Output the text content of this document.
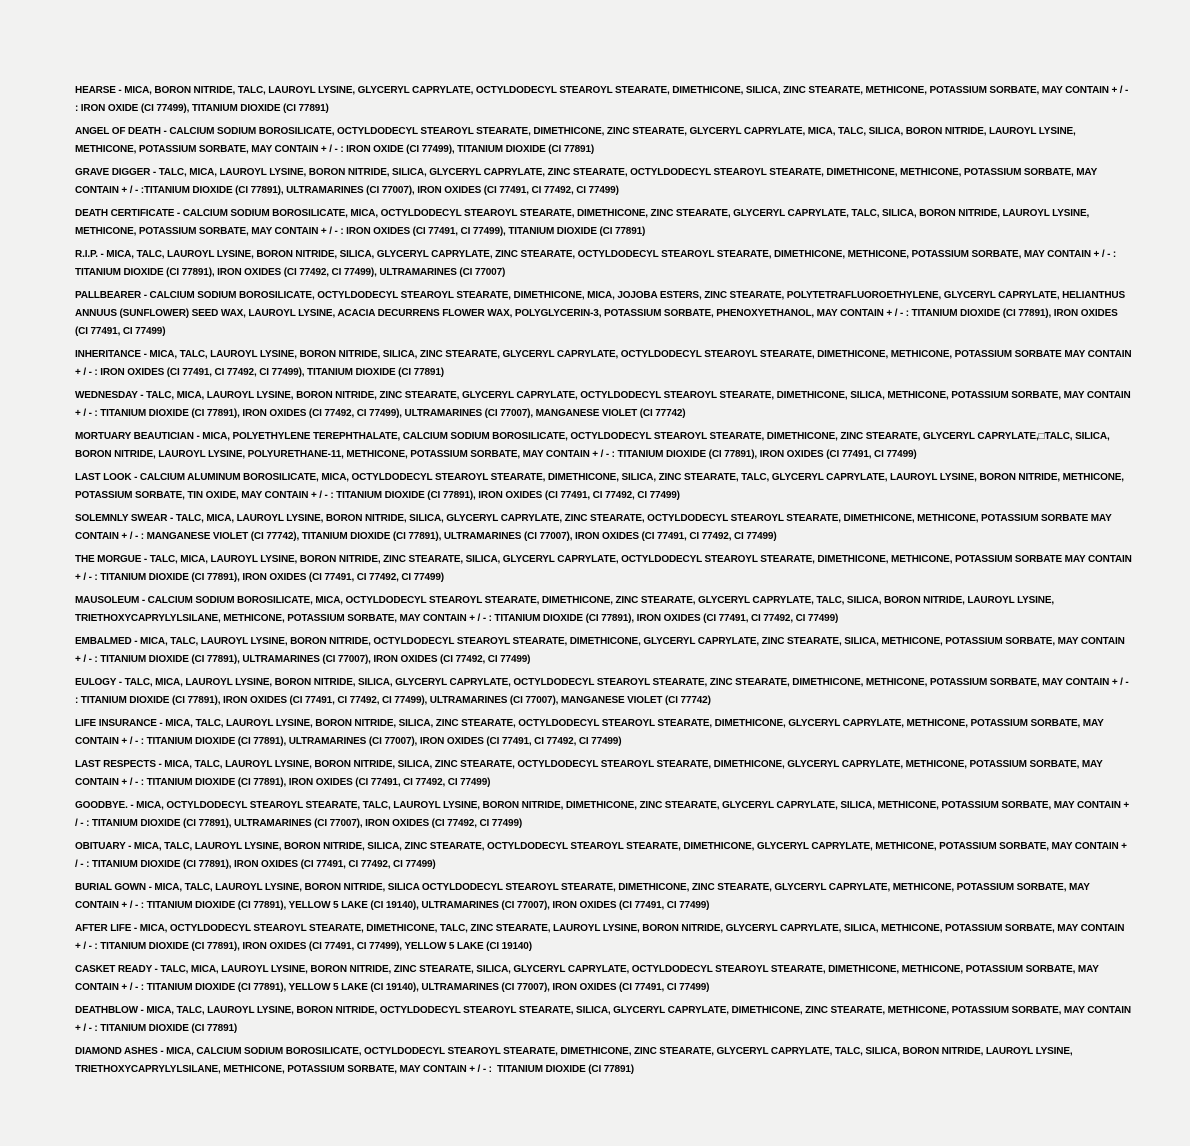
HEARSE - MICA, BORON NITRIDE, TALC, LAUROYL LYSINE, GLYCERYL CAPRYLATE, OCTYLDODECYL STEAROYL STEARATE, DIMETHICONE, SILICA, ZINC STEARATE, METHICONE, POTASSIUM SORBATE, MAY CONTAIN + / - : IRON OXIDE (CI 77499), TITANIUM DIOXIDE (CI 77891)

ANGEL OF DEATH - CALCIUM SODIUM BOROSILICATE, OCTYLDODECYL STEAROYL STEARATE, DIMETHICONE, ZINC STEARATE, GLYCERYL CAPRYLATE, MICA, TALC, SILICA, BORON NITRIDE, LAUROYL LYSINE, METHICONE, POTASSIUM SORBATE, MAY CONTAIN + / - : IRON OXIDE (CI 77499), TITANIUM DIOXIDE (CI 77891)

GRAVE DIGGER - TALC, MICA, LAUROYL LYSINE, BORON NITRIDE, SILICA, GLYCERYL CAPRYLATE, ZINC STEARATE, OCTYLDODECYL STEAROYL STEARATE, DIMETHICONE, METHICONE, POTASSIUM SORBATE, MAY CONTAIN + / - :TITANIUM DIOXIDE (CI 77891), ULTRAMARINES (CI 77007), IRON OXIDES (CI 77491, CI 77492, CI 77499)

DEATH CERTIFICATE - CALCIUM SODIUM BOROSILICATE, MICA, OCTYLDODECYL STEAROYL STEARATE, DIMETHICONE, ZINC STEARATE, GLYCERYL CAPRYLATE, TALC, SILICA, BORON NITRIDE, LAUROYL LYSINE, METHICONE, POTASSIUM SORBATE, MAY CONTAIN + / - : IRON OXIDES (CI 77491, CI 77499), TITANIUM DIOXIDE (CI 77891)

R.I.P. - MICA, TALC, LAUROYL LYSINE, BORON NITRIDE, SILICA, GLYCERYL CAPRYLATE, ZINC STEARATE, OCTYLDODECYL STEAROYL STEARATE, DIMETHICONE, METHICONE, POTASSIUM SORBATE, MAY CONTAIN + / - : TITANIUM DIOXIDE (CI 77891), IRON OXIDES (CI 77492, CI 77499), ULTRAMARINES (CI 77007)

PALLBEARER - CALCIUM SODIUM BOROSILICATE, OCTYLDODECYL STEAROYL STEARATE, DIMETHICONE, MICA, JOJOBA ESTERS, ZINC STEARATE, POLYTETRAFLUOROETHYLENE, GLYCERYL CAPRYLATE, HELIANTHUS ANNUUS (SUNFLOWER) SEED WAX, LAUROYL LYSINE, ACACIA DECURRENS FLOWER WAX, POLYGLYCERIN-3, POTASSIUM SORBATE, PHENOXYETHANOL, MAY CONTAIN + / - : TITANIUM DIOXIDE (CI 77891), IRON OXIDES (CI 77491, CI 77499)

INHERITANCE - MICA, TALC, LAUROYL LYSINE, BORON NITRIDE, SILICA, ZINC STEARATE, GLYCERYL CAPRYLATE, OCTYLDODECYL STEAROYL STEARATE, DIMETHICONE, METHICONE, POTASSIUM SORBATE MAY CONTAIN + / - : IRON OXIDES (CI 77491, CI 77492, CI 77499), TITANIUM DIOXIDE (CI 77891)

WEDNESDAY - TALC, MICA, LAUROYL LYSINE, BORON NITRIDE, ZINC STEARATE, GLYCERYL CAPRYLATE, OCTYLDODECYL STEAROYL STEARATE, DIMETHICONE, SILICA, METHICONE, POTASSIUM SORBATE, MAY CONTAIN + / - : TITANIUM DIOXIDE (CI 77891), IRON OXIDES (CI 77492, CI 77499), ULTRAMARINES (CI 77007), MANGANESE VIOLET (CI 77742)

MORTUARY BEAUTICIAN - MICA, POLYETHYLENE TEREPHTHALATE, CALCIUM SODIUM BOROSILICATE, OCTYLDODECYL STEAROYL STEARATE, DIMETHICONE, ZINC STEARATE, GLYCERYL CAPRYLATE,□TALC, SILICA, BORON NITRIDE, LAUROYL LYSINE, POLYURETHANE-11, METHICONE, POTASSIUM SORBATE, MAY CONTAIN + / - : TITANIUM DIOXIDE (CI 77891), IRON OXIDES (CI 77491, CI 77499)

LAST LOOK - CALCIUM ALUMINUM BOROSILICATE, MICA, OCTYLDODECYL STEAROYL STEARATE, DIMETHICONE, SILICA, ZINC STEARATE, TALC, GLYCERYL CAPRYLATE, LAUROYL LYSINE, BORON NITRIDE, METHICONE, POTASSIUM SORBATE, TIN OXIDE, MAY CONTAIN + / - : TITANIUM DIOXIDE (CI 77891), IRON OXIDES (CI 77491, CI 77492, CI 77499)

SOLEMNLY SWEAR - TALC, MICA, LAUROYL LYSINE, BORON NITRIDE, SILICA, GLYCERYL CAPRYLATE, ZINC STEARATE, OCTYLDODECYL STEAROYL STEARATE, DIMETHICONE, METHICONE, POTASSIUM SORBATE MAY CONTAIN + / - : MANGANESE VIOLET (CI 77742), TITANIUM DIOXIDE (CI 77891), ULTRAMARINES (CI 77007), IRON OXIDES (CI 77491, CI 77492, CI 77499)

THE MORGUE - TALC, MICA, LAUROYL LYSINE, BORON NITRIDE, ZINC STEARATE, SILICA, GLYCERYL CAPRYLATE, OCTYLDODECYL STEAROYL STEARATE, DIMETHICONE, METHICONE, POTASSIUM SORBATE MAY CONTAIN + / - : TITANIUM DIOXIDE (CI 77891), IRON OXIDES (CI 77491, CI 77492, CI 77499)

MAUSOLEUM - CALCIUM SODIUM BOROSILICATE, MICA, OCTYLDODECYL STEAROYL STEARATE, DIMETHICONE, ZINC STEARATE, GLYCERYL CAPRYLATE, TALC, SILICA, BORON NITRIDE, LAUROYL LYSINE, TRIETHOXYCAPRYLYLSILANE, METHICONE, POTASSIUM SORBATE, MAY CONTAIN + / - : TITANIUM DIOXIDE (CI 77891), IRON OXIDES (CI 77491, CI 77492, CI 77499)

EMBALMED - MICA, TALC, LAUROYL LYSINE, BORON NITRIDE, OCTYLDODECYL STEAROYL STEARATE, DIMETHICONE, GLYCERYL CAPRYLATE, ZINC STEARATE, SILICA, METHICONE, POTASSIUM SORBATE, MAY CONTAIN + / - : TITANIUM DIOXIDE (CI 77891), ULTRAMARINES (CI 77007), IRON OXIDES (CI 77492, CI 77499)

EULOGY - TALC, MICA, LAUROYL LYSINE, BORON NITRIDE, SILICA, GLYCERYL CAPRYLATE, OCTYLDODECYL STEAROYL STEARATE, ZINC STEARATE, DIMETHICONE, METHICONE, POTASSIUM SORBATE, MAY CONTAIN + / - : TITANIUM DIOXIDE (CI 77891), IRON OXIDES (CI 77491, CI 77492, CI 77499), ULTRAMARINES (CI 77007), MANGANESE VIOLET (CI 77742)

LIFE INSURANCE - MICA, TALC, LAUROYL LYSINE, BORON NITRIDE, SILICA, ZINC STEARATE, OCTYLDODECYL STEAROYL STEARATE, DIMETHICONE, GLYCERYL CAPRYLATE, METHICONE, POTASSIUM SORBATE, MAY CONTAIN + / - : TITANIUM DIOXIDE (CI 77891), ULTRAMARINES (CI 77007), IRON OXIDES (CI 77491, CI 77492, CI 77499)

LAST RESPECTS - MICA, TALC, LAUROYL LYSINE, BORON NITRIDE, SILICA, ZINC STEARATE, OCTYLDODECYL STEAROYL STEARATE, DIMETHICONE, GLYCERYL CAPRYLATE, METHICONE, POTASSIUM SORBATE, MAY CONTAIN + / - : TITANIUM DIOXIDE (CI 77891), IRON OXIDES (CI 77491, CI 77492, CI 77499)

GOODBYE. - MICA, OCTYLDODECYL STEAROYL STEARATE, TALC, LAUROYL LYSINE, BORON NITRIDE, DIMETHICONE, ZINC STEARATE, GLYCERYL CAPRYLATE, SILICA, METHICONE, POTASSIUM SORBATE, MAY CONTAIN + / - : TITANIUM DIOXIDE (CI 77891), ULTRAMARINES (CI 77007), IRON OXIDES (CI 77492, CI 77499)

OBITUARY - MICA, TALC, LAUROYL LYSINE, BORON NITRIDE, SILICA, ZINC STEARATE, OCTYLDODECYL STEAROYL STEARATE, DIMETHICONE, GLYCERYL CAPRYLATE, METHICONE, POTASSIUM SORBATE, MAY CONTAIN + / - : TITANIUM DIOXIDE (CI 77891), IRON OXIDES (CI 77491, CI 77492, CI 77499)

BURIAL GOWN - MICA, TALC, LAUROYL LYSINE, BORON NITRIDE, SILICA OCTYLDODECYL STEAROYL STEARATE, DIMETHICONE, ZINC STEARATE, GLYCERYL CAPRYLATE, METHICONE, POTASSIUM SORBATE, MAY CONTAIN + / - : TITANIUM DIOXIDE (CI 77891), YELLOW 5 LAKE (CI 19140), ULTRAMARINES (CI 77007), IRON OXIDES (CI 77491, CI 77499)

AFTER LIFE - MICA, OCTYLDODECYL STEAROYL STEARATE, DIMETHICONE, TALC, ZINC STEARATE, LAUROYL LYSINE, BORON NITRIDE, GLYCERYL CAPRYLATE, SILICA, METHICONE, POTASSIUM SORBATE, MAY CONTAIN + / - : TITANIUM DIOXIDE (CI 77891), IRON OXIDES (CI 77491, CI 77499), YELLOW 5 LAKE (CI 19140)

CASKET READY - TALC, MICA, LAUROYL LYSINE, BORON NITRIDE, ZINC STEARATE, SILICA, GLYCERYL CAPRYLATE, OCTYLDODECYL STEAROYL STEARATE, DIMETHICONE, METHICONE, POTASSIUM SORBATE, MAY CONTAIN + / - : TITANIUM DIOXIDE (CI 77891), YELLOW 5 LAKE (CI 19140), ULTRAMARINES (CI 77007), IRON OXIDES (CI 77491, CI 77499)

DEATHBLOW - MICA, TALC, LAUROYL LYSINE, BORON NITRIDE, OCTYLDODECYL STEAROYL STEARATE, SILICA, GLYCERYL CAPRYLATE, DIMETHICONE, ZINC STEARATE, METHICONE, POTASSIUM SORBATE, MAY CONTAIN + / - : TITANIUM DIOXIDE (CI 77891)

DIAMOND ASHES - MICA, CALCIUM SODIUM BOROSILICATE, OCTYLDODECYL STEAROYL STEARATE, DIMETHICONE, ZINC STEARATE, GLYCERYL CAPRYLATE, TALC, SILICA, BORON NITRIDE, LAUROYL LYSINE, TRIETHOXYCAPRYLYLSILANE, METHICONE, POTASSIUM SORBATE, MAY CONTAIN + / - :  TITANIUM DIOXIDE (CI 77891)
